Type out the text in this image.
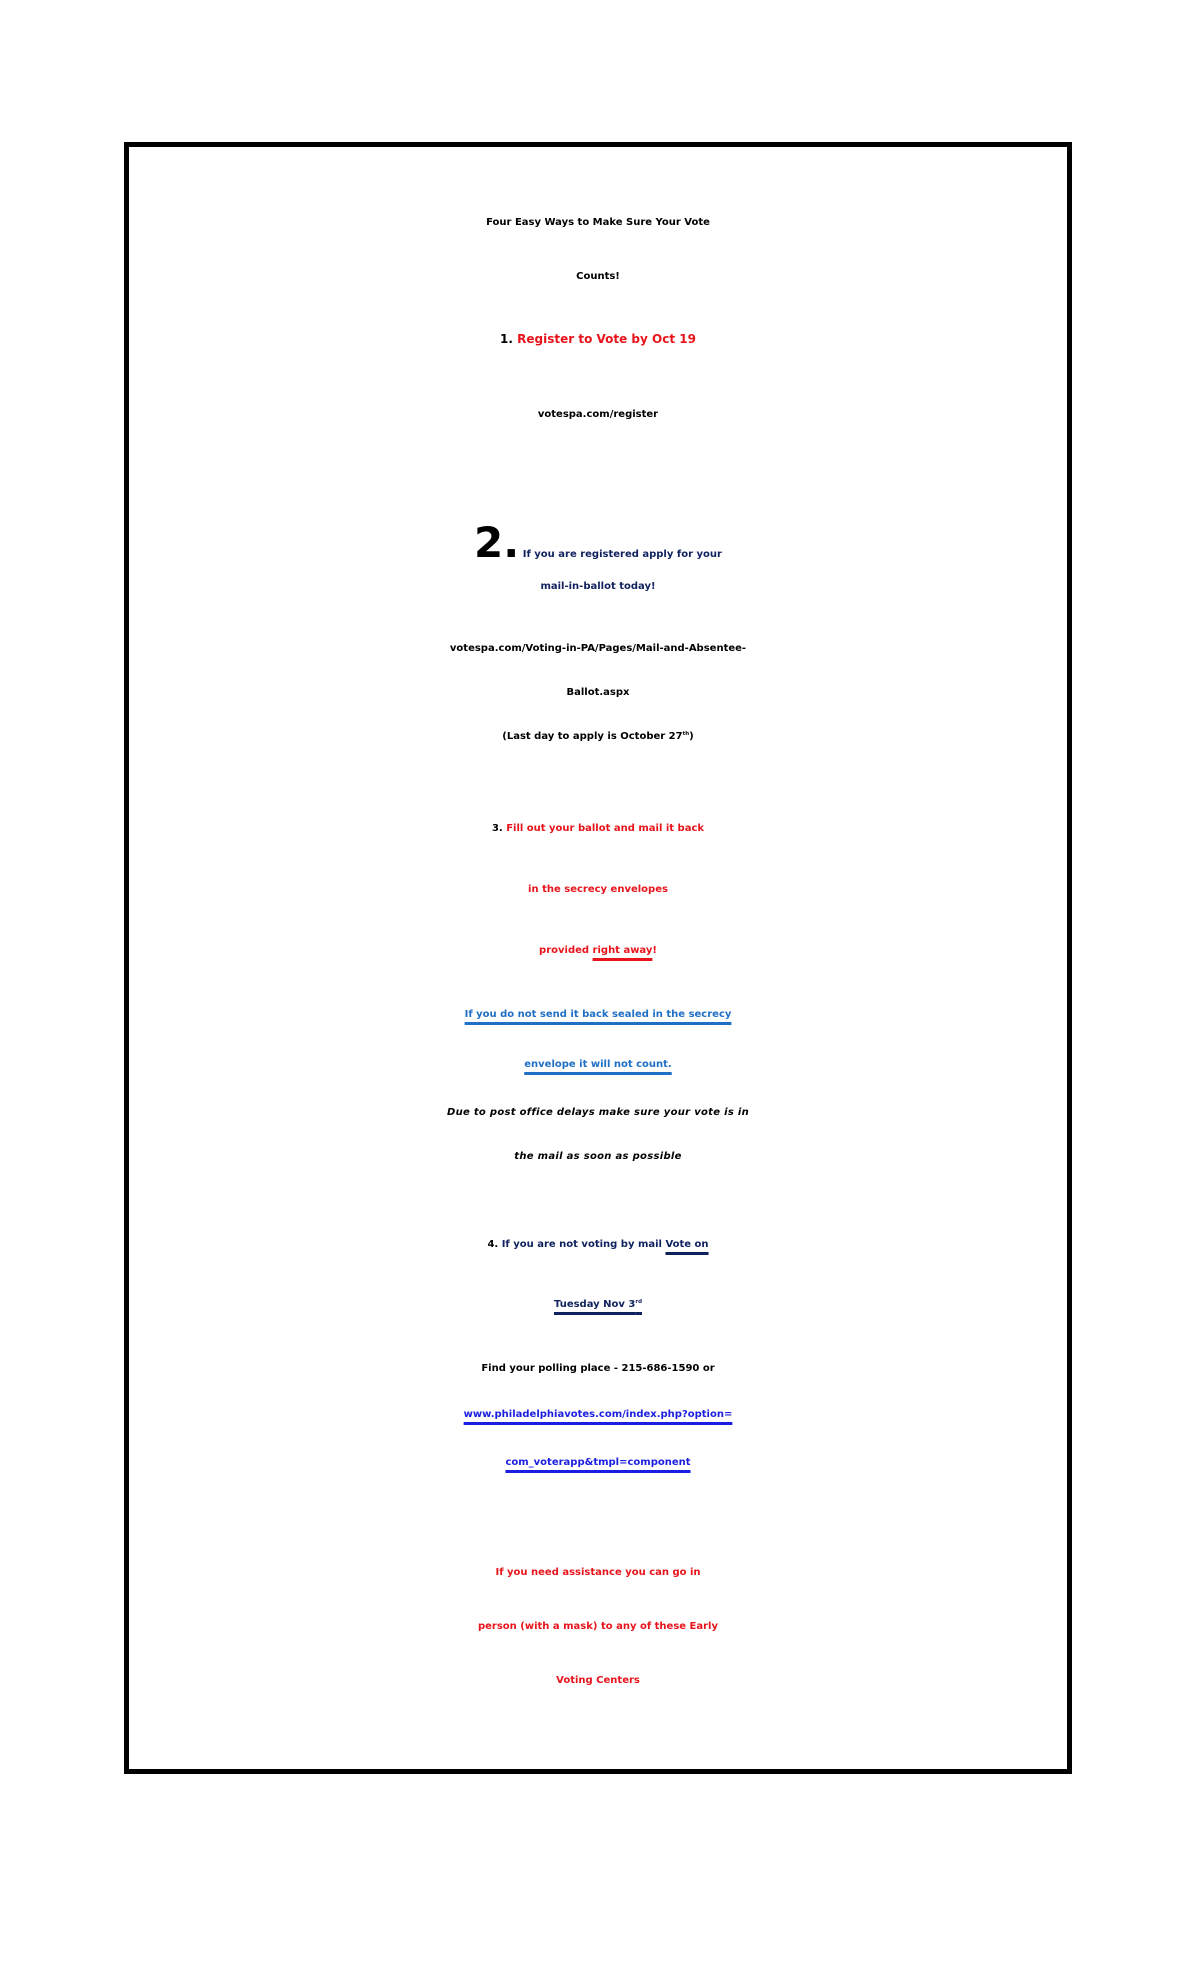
Four Easy Ways to Make Sure Your Vote
Counts!
1. Register to Vote by Oct 19
votespa.com/register
2. If you are registered apply for your
mail-in-ballot today!
votespa.com/Voting-in-PA/Pages/Mail-and-Absentee-
Ballot.aspx
(Last day to apply is October 27th)
3. Fill out your ballot and mail it back
in the secrecy envelopes
provided right away!
If you do not send it back sealed in the secrecy
envelope it will not count.
Due to post office delays make sure your vote is in
the mail as soon as possible
4. If you are not voting by mail Vote on
Tuesday Nov 3rd
Find your polling place - 215-686-1590 or
www.philadelphiavotes.com/index.php?option=
com_voterapp&tmpl=component
If you need assistance you can go in
person (with a mask) to any of these Early
Voting Centers
